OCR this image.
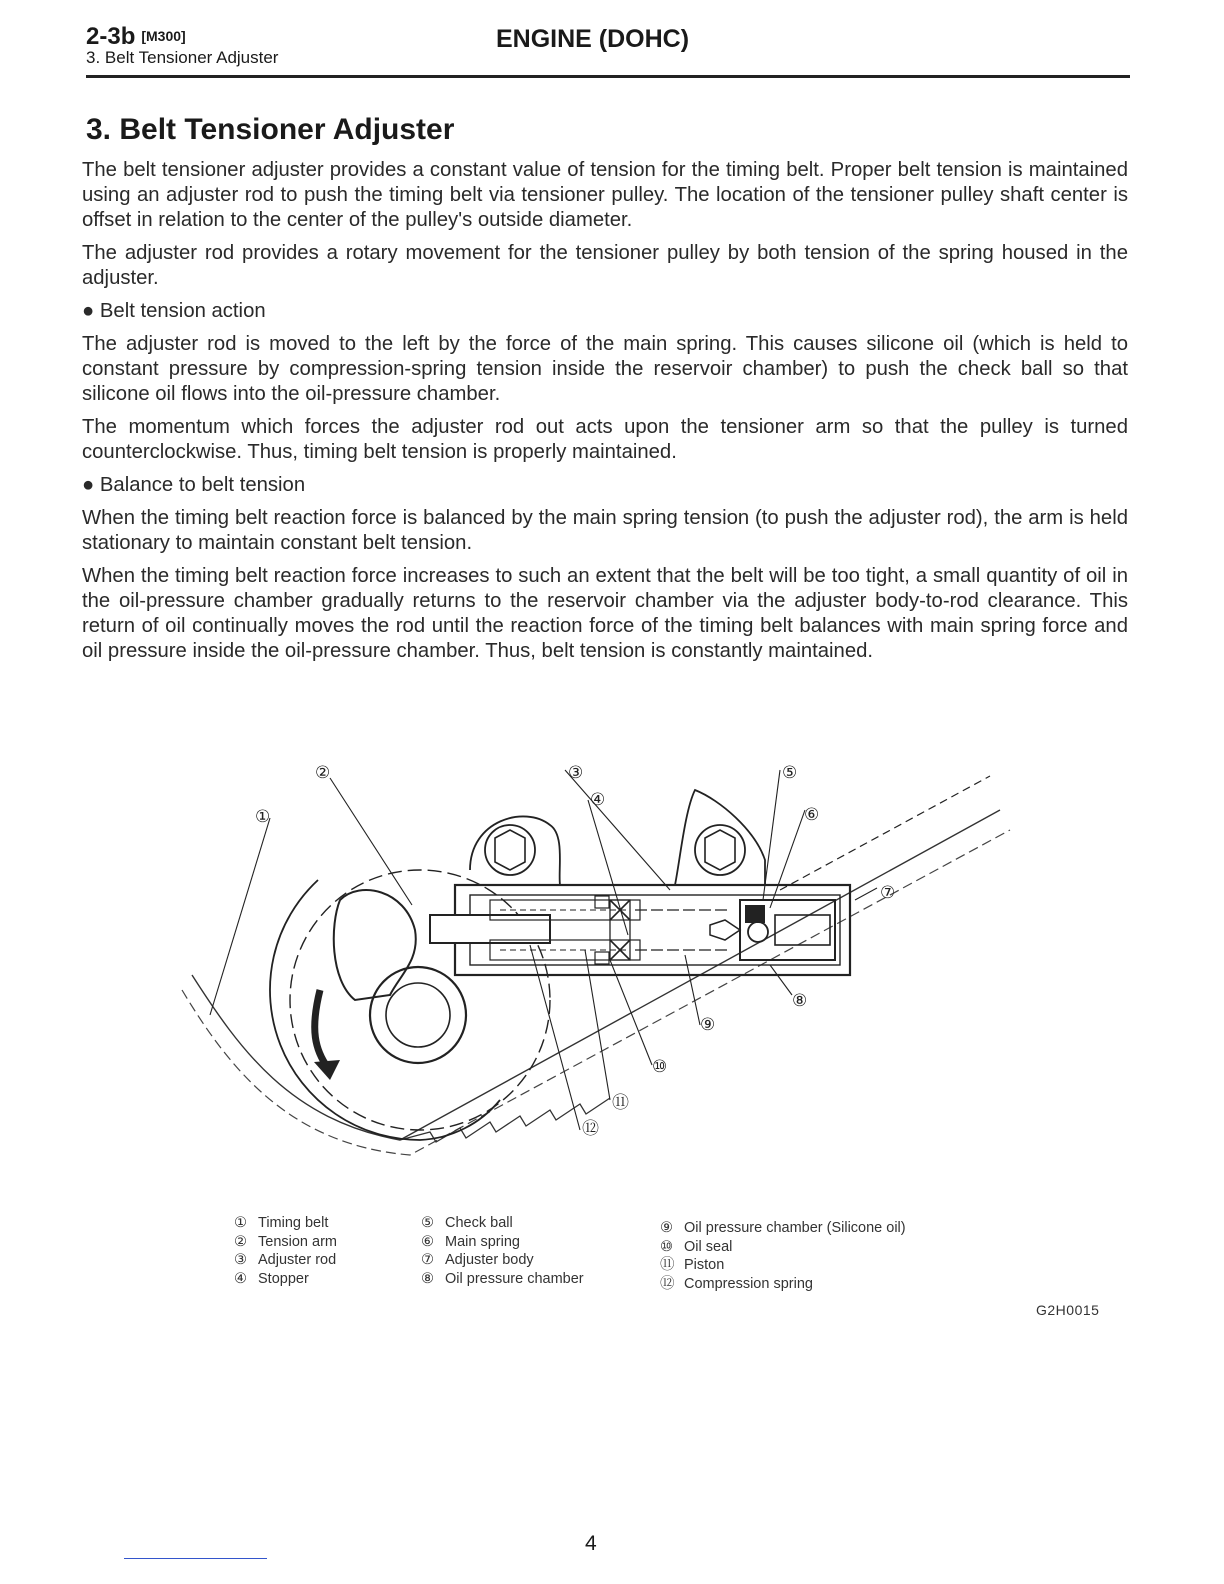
2-3b [M300]
3. Belt Tensioner Adjuster
ENGINE (DOHC)
3. Belt Tensioner Adjuster

The belt tensioner adjuster provides a constant value of tension for the timing belt. Proper belt tension is maintained using an adjuster rod to push the timing belt via tensioner pulley. The location of the tensioner pulley shaft center is offset in relation to the center of the pulley's outside diameter.

The adjuster rod provides a rotary movement for the tensioner pulley by both tension of the spring housed in the adjuster.

● Belt tension action

The adjuster rod is moved to the left by the force of the main spring. This causes silicone oil (which is held to constant pressure by compression-spring tension inside the reservoir chamber) to push the check ball so that silicone oil flows into the oil-pressure chamber.

The momentum which forces the adjuster rod out acts upon the tensioner arm so that the pulley is turned counterclockwise. Thus, timing belt tension is properly maintained.

● Balance to belt tension

When the timing belt reaction force is balanced by the main spring tension (to push the adjuster rod), the arm is held stationary to maintain constant belt tension.

When the timing belt reaction force increases to such an extent that the belt will be too tight, a small quantity of oil in the oil-pressure chamber gradually returns to the reservoir chamber via the adjuster body-to-rod clearance. This return of oil continually moves the rod until the reaction force of the timing belt balances with main spring force and oil pressure inside the oil-pressure chamber. Thus, belt tension is constantly maintained.

①
②	③
④
⑤
⑥
⑦
⑧
⑨
⑩
⑪
⑫
① Timing belt
② Tension arm
③ Adjuster rod
④ Stopper
⑤ Check ball
⑥ Main spring
⑦ Adjuster body
⑧ Oil pressure chamber
⑨ Oil pressure chamber (Silicone oil)
⑩ Oil seal
⑪ Piston
⑫ Compression spring
G2H0015
4
